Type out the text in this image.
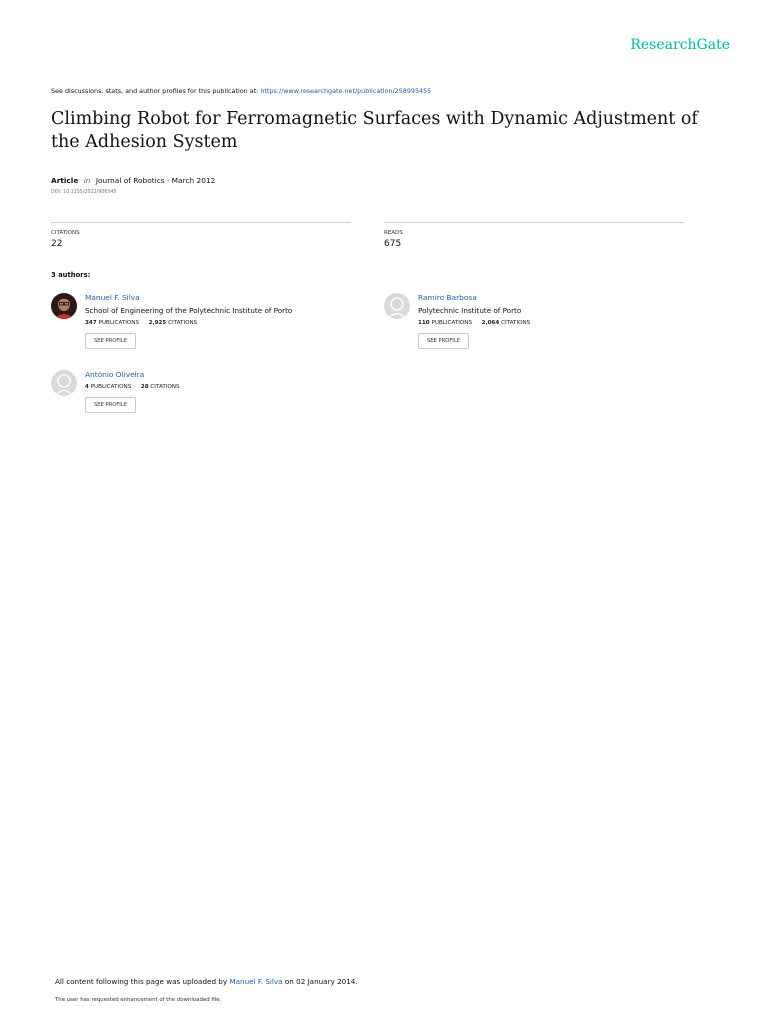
ResearchGate
See discussions, stats, and author profiles for this publication at: https://www.researchgate.net/publication/258995455
Climbing Robot for Ferromagnetic Surfaces with Dynamic Adjustment of the Adhesion System
Article in Journal of Robotics · March 2012
DOI: 10.1155/2012/906545
CITATIONS
22
READS
675
3 authors:
Manuel F. Silva
School of Engineering of the Polytechnic Institute of Porto
347 PUBLICATIONS 2,925 CITATIONS
SEE PROFILE
Ramiro Barbosa
Polytechnic Institute of Porto
110 PUBLICATIONS 2,064 CITATIONS
SEE PROFILE
António Oliveira
4 PUBLICATIONS 28 CITATIONS
SEE PROFILE
All content following this page was uploaded by Manuel F. Silva on 02 January 2014.
The user has requested enhancement of the downloaded file.
